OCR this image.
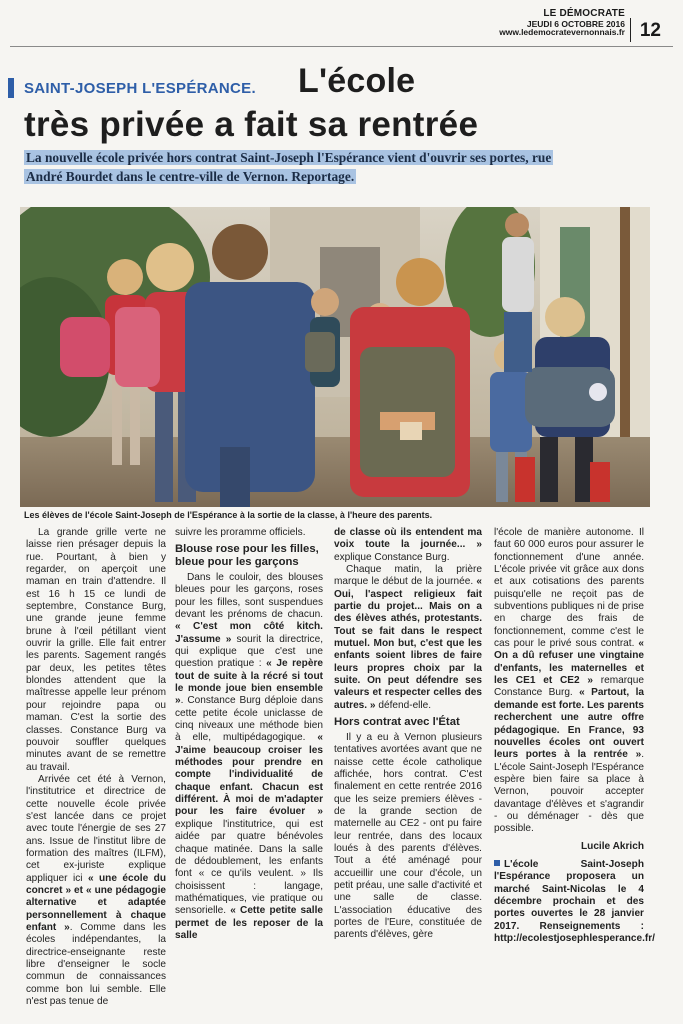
LE DÉMOCRATE
JEUDI 6 OCTOBRE 2016
www.ledemocratevernonnais.fr 12
SAINT-JOSEPH L'ESPÉRANCE. L'école
très privée a fait sa rentrée
La nouvelle école privée hors contrat Saint-Joseph l'Espérance vient d'ouvrir ses portes, rue André Bourdet dans le centre-ville de Vernon. Reportage.
Les élèves de l'école Saint-Joseph de l'Espérance à la sortie de la classe, à l'heure des parents.

La grande grille verte ne laisse rien présager depuis la rue. Pourtant, à bien y regarder, on aperçoit une maman en train d'attendre. Il est 16 h 15 ce lundi de septembre, Constance Burg, une grande jeune femme brune à l'œil pétillant vient ouvrir la grille. Elle fait entrer les parents. Sagement rangés par deux, les petites têtes blondes attendent que la maîtresse appelle leur prénom pour rejoindre papa ou maman. C'est la sortie des classes. Constance Burg va pouvoir souffler quelques minutes avant de se remettre au travail.

Arrivée cet été à Vernon, l'institutrice et directrice de cette nouvelle école privée s'est lancée dans ce projet avec toute l'énergie de ses 27 ans. Issue de l'institut libre de formation des maîtres (ILFM), cet ex-juriste explique appliquer ici « une école du concret » et « une pédagogie alternative et adaptée personnellement à chaque enfant ». Comme dans les écoles indépendantes, la directrice-enseignante reste libre d'enseigner le socle commun de connaissances comme bon lui semble. Elle n'est pas tenue de

suivre les proramme officiels.

Blouse rose pour les filles, bleue pour les garçons

Dans le couloir, des blouses bleues pour les garçons, roses pour les filles, sont suspendues devant les prénoms de chacun. « C'est mon côté kitch. J'assume » sourit la directrice, qui explique que c'est une question pratique : « Je repère tout de suite à la récré si tout le monde joue bien ensemble ». Constance Burg déploie dans cette petite école uniclasse de cinq niveaux une méthode bien à elle, multipédagogique. « J'aime beaucoup croiser les méthodes pour prendre en compte l'individualité de chaque enfant. Chacun est différent. À moi de m'adapter pour les faire évoluer » explique l'institutrice, qui est aidée par quatre bénévoles chaque matinée. Dans la salle de dédoublement, les enfants font « ce qu'ils veulent. » Ils choisissent : langage, mathématiques, vie pratique ou sensorielle. « Cette petite salle permet de les reposer de la salle

de classe où ils entendent ma voix toute la journée... » explique Constance Burg.

Chaque matin, la prière marque le début de la journée. « Oui, l'aspect religieux fait partie du projet... Mais on a des élèves athés, protestants. Tout se fait dans le respect mutuel. Mon but, c'est que les enfants soient libres de faire leurs propres choix par la suite. On peut défendre ses valeurs et respecter celles des autres. » défend-elle.

Hors contrat avec l'État

Il y a eu à Vernon plusieurs tentatives avortées avant que ne naisse cette école catholique affichée, hors contrat. C'est finalement en cette rentrée 2016 que les seize premiers élèves - de la grande section de maternelle au CE2 - ont pu faire leur rentrée, dans des locaux loués à des parents d'élèves. Tout a été aménagé pour accueillir une cour d'école, un petit préau, une salle d'activité et une salle de classe. L'association éducative des portes de l'Eure, constituée de parents d'élèves, gère

l'école de manière autonome. Il faut 60 000 euros pour assurer le fonctionnement d'une année. L'école privée vit grâce aux dons et aux cotisations des parents puisqu'elle ne reçoit pas de subventions publiques ni de prise en charge des frais de fonctionnement, comme c'est le cas pour le privé sous contrat. « On a dû refuser une vingtaine d'enfants, les maternelles et les CE1 et CE2 » remarque Constance Burg. « Partout, la demande est forte. Les parents recherchent une autre offre pédagogique. En France, 93 nouvelles écoles ont ouvert leurs portes à la rentrée ». L'école Saint-Joseph l'Espérance espère bien faire sa place à Vernon, pouvoir accepter davantage d'élèves et s'agrandir - ou déménager - dès que possible.

Lucile Akrich

L'école Saint-Joseph l'Espérance proposera un marché Saint-Nicolas le 4 décembre prochain et des portes ouvertes le 28 janvier 2017. Renseignements : http://ecolestjosephlesperance.fr/
